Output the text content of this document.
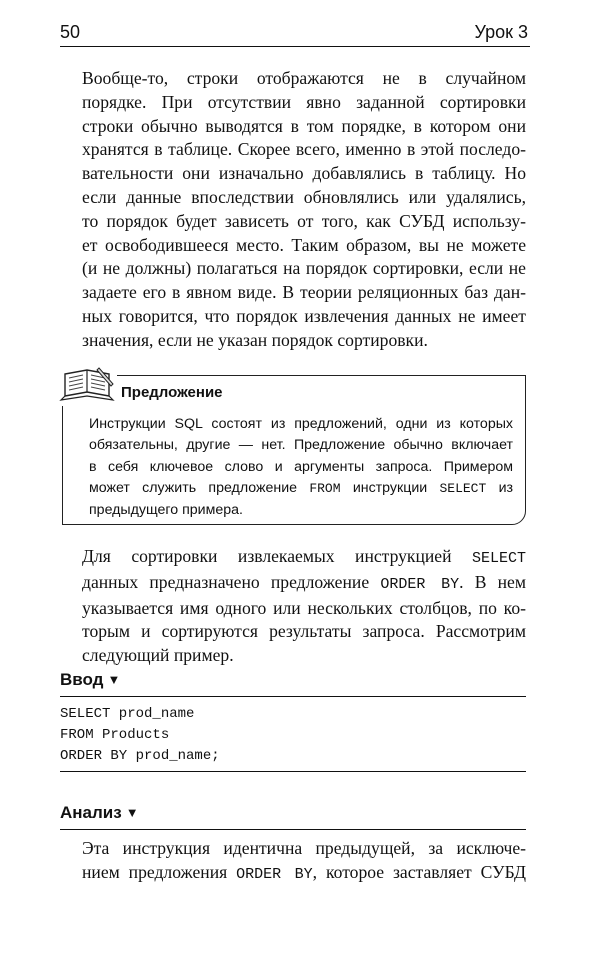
50	Урок 3
Вообще-то, строки отображаются не в случайном
порядке. При отсутствии явно заданной сортировки
строки обычно выводятся в том порядке, в котором они
хранятся в таблице. Скорее всего, именно в этой последо-
вательности они изначально добавлялись в таблицу. Но
если данные впоследствии обновлялись или удалялись,
то порядок будет зависеть от того, как СУБД использу-
ет освободившееся место. Таким образом, вы не можете
(и не должны) полагаться на порядок сортировки, если не
задаете его в явном виде. В теории реляционных баз дан-
ных говорится, что порядок извлечения данных не имеет
значения, если не указан порядок сортировки.
Предложение
Инструкции SQL состоят из предложений, одни из которых
обязательны, другие — нет. Предложение обычно включает
в себя ключевое слово и аргументы запроса. Примером
может служить предложение FROM инструкции SELECT из
предыдущего примера.
Для сортировки извлекаемых инструкцией SELECT
данных предназначено предложение ORDER BY. В нем
указывается имя одного или нескольких столбцов, по ко-
торым и сортируются результаты запроса. Рассмотрим
следующий пример.
Ввод ▼
SELECT prod_name
FROM Products
ORDER BY prod_name;
Анализ ▼
Эта инструкция идентична предыдущей, за исключе-
нием предложения ORDER BY, которое заставляет СУБД
